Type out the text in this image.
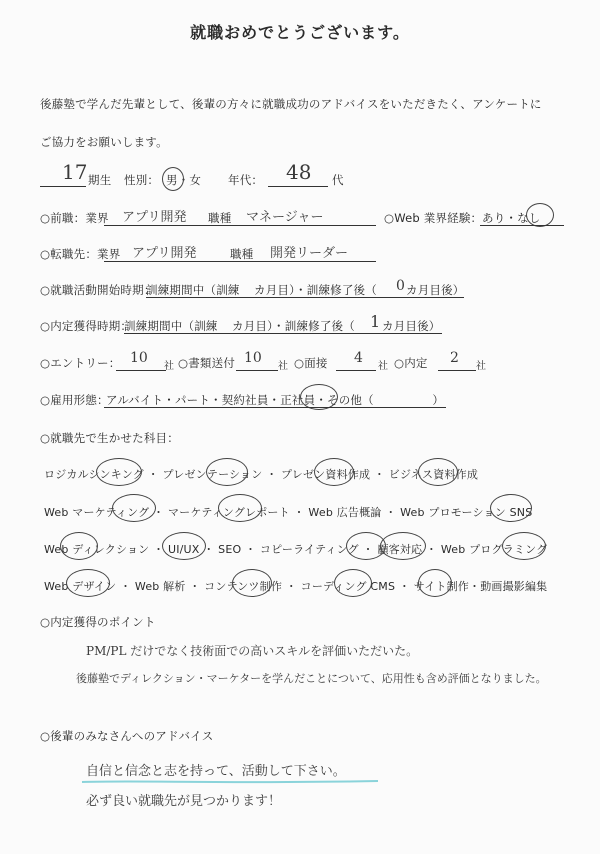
就職おめでとうございます。
後藤塾で学んだ先輩として、後輩の方々に就職成功のアドバイスをいただきたく、アンケートに
ご協力をお願いします。
17 期生 性別： 男・女 年代： 48 代
○前職：業界 アプリ開発 職種 マネージャー	○Web 業界経験： あり・なし
○転職先：業界 アプリ開発	職種 開発リーダー
○就職活動開始時期：
訓練期間中（訓練 カ月目）・訓練修了後（ 0 カ月目後）
○内定獲得時期：
訓練期間中（訓練 カ月目）・訓練修了後（ 1 カ月目後）
○エントリー： 10
社 ○書類送付 10
社 ○面接 4
社 ○内定 2
社
○雇用形態：
アルバイト・パート・契約社員・正社員・その他（　　　　　）
○就職先で生かせた科目：
ロジカルシンキング ・ プレゼンテーション ・ プレゼン資料作成 ・ ビジネス資料作成
Web マーケティング ・ マーケティングレポート ・ Web 広告概論 ・ Web プロモーション SNS
Web ディレクション ・ UI/UX ・ SEO ・ コピーライティング ・ 顧客対応 ・ Web プログラミング
Web デザイン ・ Web 解析 ・ コンテンツ制作 ・ コーディング CMS ・ サイト制作・動画撮影編集
○内定獲得のポイント
PM/PL だけでなく技術面での高いスキルを評価いただいた。
後藤塾でディレクション・マーケターを学んだことについて、応用性も含め評価となりました。
○後輩のみなさんへのアドバイス
自信と信念と志を持って、活動して下さい。
必ず良い就職先が見つかります！
